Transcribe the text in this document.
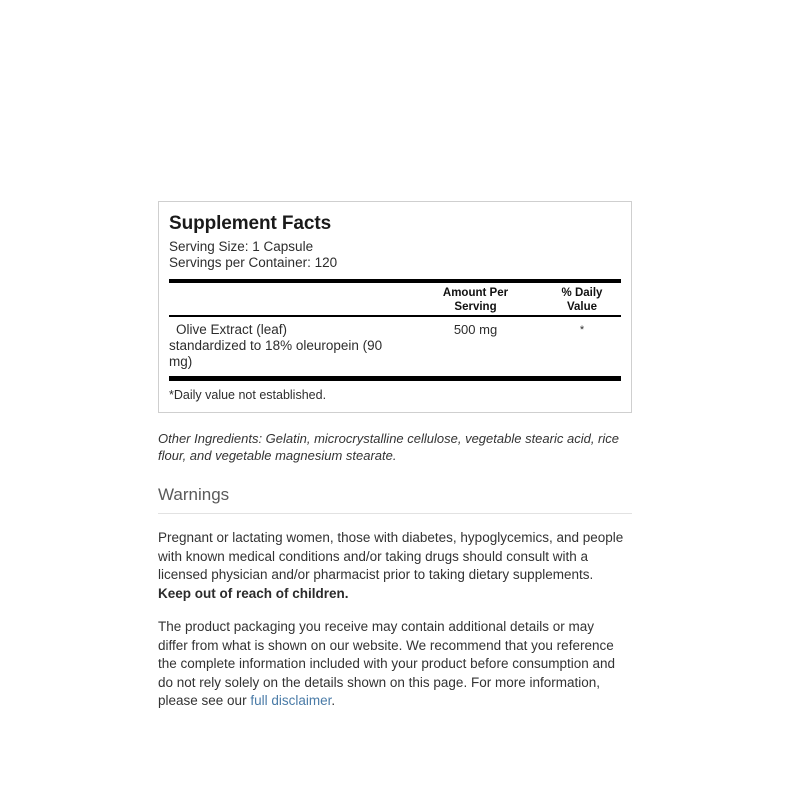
Supplement Facts
Serving Size: 1 Capsule
Servings per Container: 120
Amount Per
Serving
% Daily
Value
Olive Extract (leaf)
standardized to 18% oleuropein (90 mg)
500 mg	*
*Daily value not established.

Other Ingredients: Gelatin, microcrystalline cellulose, vegetable stearic acid, rice flour, and vegetable magnesium stearate.

Warnings

Pregnant or lactating women, those with diabetes, hypoglycemics, and people with known medical conditions and/or taking drugs should consult with a licensed physician and/or pharmacist prior to taking dietary supplements. Keep out of reach of children.

The product packaging you receive may contain additional details or may differ from what is shown on our website. We recommend that you reference the complete information included with your product before consumption and do not rely solely on the details shown on this page. For more information, please see our full disclaimer.
